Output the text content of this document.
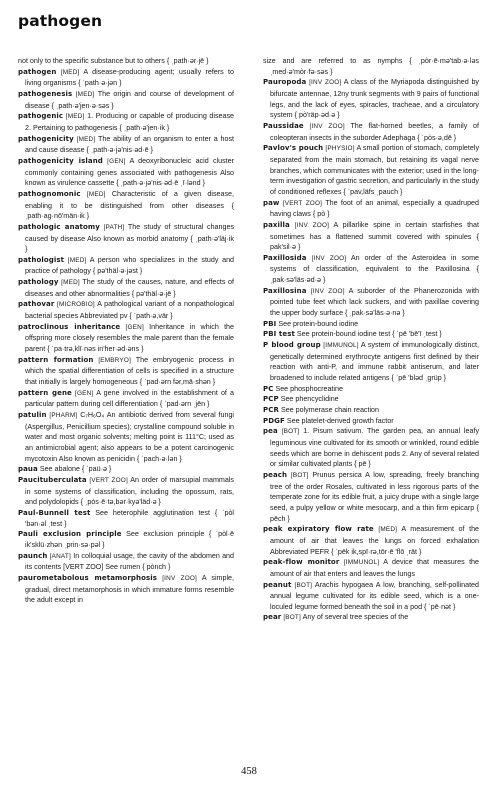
pathogen

not only to the specific substance but to others { ˌpath·ər·jē }

pathogen [MED] A disease-producing agent; usually refers to living organisms { ˈpath·ə·jən }

pathogenesis [MED] The origin and course of development of disease { ˌpath·ə'jen·ə·səs }

pathogenic [MED] 1. Producing or capable of producing disease 2. Pertaining to pathogenesis { ˌpath·ə'jen·ik }

pathogenicity [MED] The ability of an organism to enter a host and cause disease { ˌpath·ə·jə'nis·əd·ē }

pathogenicity island [GEN] A deoxyribonucleic acid cluster commonly containing genes associated with pathogenesis Also known as virulence cassette { ˌpath·ə·jə'nis·əd·ē ˌī·lənd }

pathognomonic [MED] Characteristic of a given disease, enabling it to be distinguished from other diseases { ˌpath·ag·nō'män·ik }

pathologic anatomy [PATH] The study of structural changes caused by disease Also known as morbid anatomy { ˌpath·ə'läj·ik }

pathologist [MED] A person who specializes in the study and practice of pathology { pə'thäl·ə·jəst }

pathology [MED] The study of the causes, nature, and effects of diseases and other abnormalities { pə'thäl·ə·jē }

pathovar [MICROBIO] A pathological variant of a nonpathological bacterial species Abbreviated pv { ˈpath·ə,vär }

patroclinous inheritance [GEN] Inheritance in which the offspring more closely resembles the male parent than the female parent { ˈpa·trə,klī·nəs in'her·əd·əns }

pattern formation [EMBRYO] The embryogenic process in which the spatial differentiation of cells is specified in a structure that initially is largely homogeneous { ˈpad·ərn fər,mā·shən }

pattern gene [GEN] A gene involved in the establishment of a particular pattern during cell differentiation { ˈpad·ərn ˌjēn }

patulin [PHARM] C₇H₆O₄ An antibiotic derived from several fungi (Aspergillus, Penicillium species); crystalline compound soluble in water and most organic solvents; melting point is 111°C; used as an antimicrobial agent; also appears to be a potent carcinogenic mycotoxin Also known as penicidin { ˈpach·ə·lən }

paua See abalone { ˈpaü·ə }

Paucituberculata [VERT ZOO] An order of marsupial mammals in some systems of classification, including the opossum, rats, and polydolopids { ˌpo̍s·ē·tə,bər·kyə'läd·ə }

Paul-Bunnell test See heterophile agglutination test { ˈpòl 'bən·əl ˌtest }

Pauli exclusion principle See exclusion principle { ˈpòl·ē ik'sklü·zhən ˌprin·sə·pəl }

paunch [ANAT] In colloquial usage, the cavity of the abdomen and its contents [VERT ZOO] See rumen { pònch }

paurometabolous metamorphosis [INV ZOO] A simple, gradual, direct metamorphosis in which immature forms resemble the adult except in

size and are referred to as nymphs { ˌpòr·ē·mə'tab·ə·ləs ˌmed·ə'mòr·fə·səs }

Pauropoda [INV ZOO] A class of the Myriapoda distinguished by bifurcate antennae, 12ny trunk segments with 9 pairs of functional legs, and the lack of eyes, spiracles, tracheae, and a circulatory system { pò'räp·əd·ə }

Paussidae [INV ZOO] The flat-horned beetles, a family of coleopteran insects in the suborder Adephaga { ˈpòs·ə,dē }

Pavlov's pouch [PHYSIO] A small portion of stomach, completely separated from the main stomach, but retaining its vagal nerve branches, which communicates with the exterior; used in the long-term investigation of gastric secretion, and particularly in the study of conditioned reflexes { ˈpav,läfs ˌpauch }

paw [VERT ZOO] The foot of an animal, especially a quadruped having claws { pò }

paxilla [INV ZOO] A pillarlike spine in certain starfishes that sometimes has a flattened summit covered with spinules { pak'sil·ə }

Paxillosida [INV ZOO] An order of the Asteroidea in some systems of classification, equivalent to the Paxillosina { ˌpak·sə'läs·əd·ə }

Paxillosina [INV ZOO] A suborder of the Phanerozonida with pointed tube feet which lack suckers, and with paxillae covering the upper body surface { ˌpak·sə'läs·ə·nə }

PBI See protein-bound iodine

PBI test See protein-bound iodine test { ˈpē 'bē'ī ˌtest }

P blood group [IMMUNOL] A system of immunologically distinct, genetically determined erythrocyte antigens first defined by their reaction with anti-P, and immune rabbit antiserum, and later broadened to include related antigens { ˈpē 'bləd ˌgrüp }

PC See phosphocreatine

PCP See phencyclidine

PCR See polymerase chain reaction

PDGF See platelet-derived growth factor

pea [BOT] 1. Pisum sativum. The garden pea, an annual leafy leguminous vine cultivated for its smooth or wrinkled, round edible seeds which are borne in dehiscent pods 2. Any of several related or similar cultivated plants { pē }

peach [BOT] Prunus persica A low, spreading, freely branching tree of the order Rosales, cultivated in less rigorous parts of the temperate zone for its edible fruit, a juicy drupe with a single large seed, a pulpy yellow or white mesocarp, and a thin firm epicarp { pēch }

peak expiratory flow rate [MED] A measurement of the amount of air that leaves the lungs on forced exhalation Abbreviated PEFR { ˈpēk ik,spī·rə,tōr·ē 'flō ˌrāt }

peak-flow monitor [IMMUNOL] A device that measures the amount of air that enters and leaves the lungs

peanut [BOT] Arachis hypogaea A low, branching, self-pollinated annual legume cultivated for its edible seed, which is a one-loculed legume formed beneath the soil in a pod { ˈpē·nət }

pear [BOT] Any of several tree species of the

458
